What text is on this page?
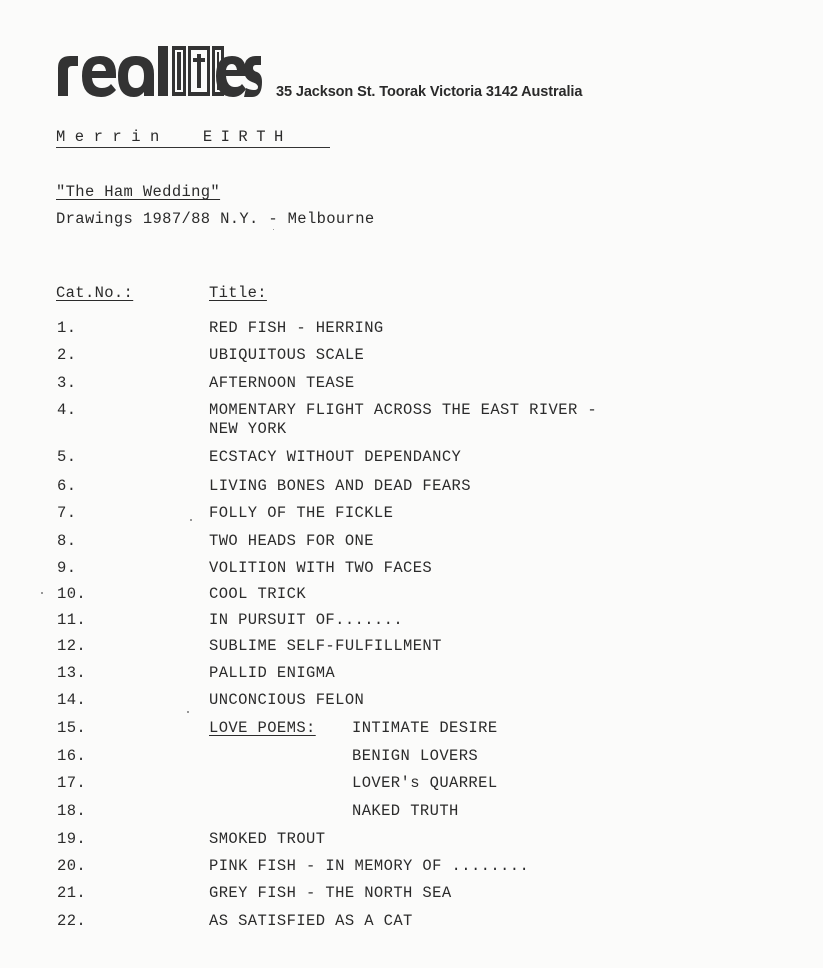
35 Jackson St. Toorak Victoria 3142 Australia
Merrin EIRTH
"The Ham Wedding"
Drawings 1987/88 N.Y. - Melbourne
Cat.No.:	Title:
1.	RED FISH - HERRING
2.	UBIQUITOUS SCALE
3.	AFTERNOON TEASE
4.	MOMENTARY FLIGHT ACROSS THE EAST RIVER -
NEW YORK
5.	ECSTACY WITHOUT DEPENDANCY
6.	LIVING BONES AND DEAD FEARS
7.	FOLLY OF THE FICKLE
8.	TWO HEADS FOR ONE
9.	VOLITION WITH TWO FACES
10.	COOL TRICK
11.	IN PURSUIT OF.......
12.	SUBLIME SELF-FULFILLMENT
13.	PALLID ENIGMA
14.	UNCONCIOUS FELON
15.	LOVE POEMS: INTIMATE DESIRE
16.	BENIGN LOVERS
17.	LOVER's QUARREL
18.	NAKED TRUTH
19.	SMOKED TROUT
20.	PINK FISH - IN MEMORY OF ........
21.	GREY FISH - THE NORTH SEA
22.	AS SATISFIED AS A CAT
